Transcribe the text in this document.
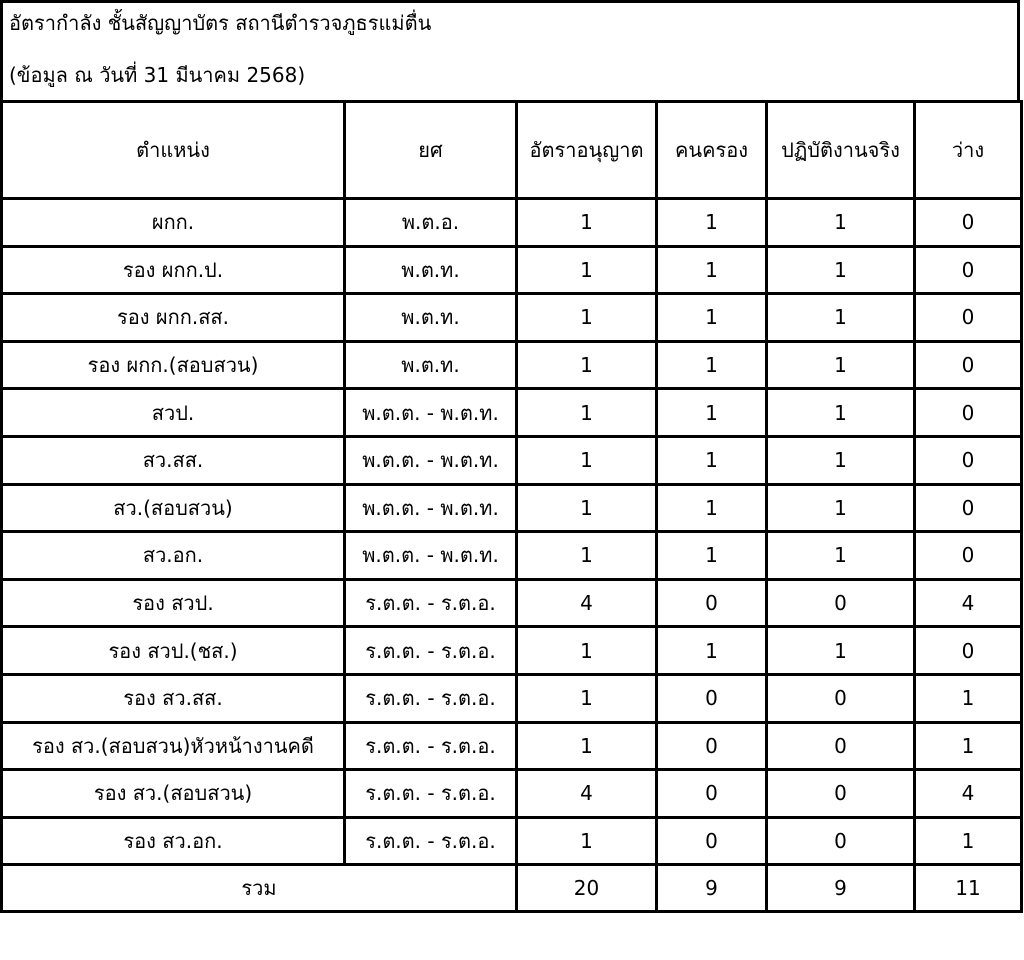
อัตรากำลัง ชั้นสัญญาบัตร สถานีตำรวจภูธรแม่ตื่น
(ข้อมูล ณ วันที่ 31 มีนาคม 2568)
ตำแหน่ง	ยศ	อัตราอนุญาต	คนครอง	ปฏิบัติงานจริง	ว่าง
ผกก.	พ.ต.อ.	1	1	1	0
รอง ผกก.ป.	พ.ต.ท.	1	1	1	0
รอง ผกก.สส.	พ.ต.ท.	1	1	1	0
รอง ผกก.(สอบสวน)	พ.ต.ท.	1	1	1	0
สวป.	พ.ต.ต. - พ.ต.ท.	1	1	1	0
สว.สส.	พ.ต.ต. - พ.ต.ท.	1	1	1	0
สว.(สอบสวน)	พ.ต.ต. - พ.ต.ท.	1	1	1	0
สว.อก.	พ.ต.ต. - พ.ต.ท.	1	1	1	0
รอง สวป.	ร.ต.ต. - ร.ต.อ.	4	0	0	4
รอง สวป.(ชส.)	ร.ต.ต. - ร.ต.อ.	1	1	1	0
รอง สว.สส.	ร.ต.ต. - ร.ต.อ.	1	0	0	1
รอง สว.(สอบสวน)หัวหน้างานคดี	ร.ต.ต. - ร.ต.อ.	1	0	0	1
รอง สว.(สอบสวน)	ร.ต.ต. - ร.ต.อ.	4	0	0	4
รอง สว.อก.	ร.ต.ต. - ร.ต.อ.	1	0	0	1
รวม		20	9	9	11
